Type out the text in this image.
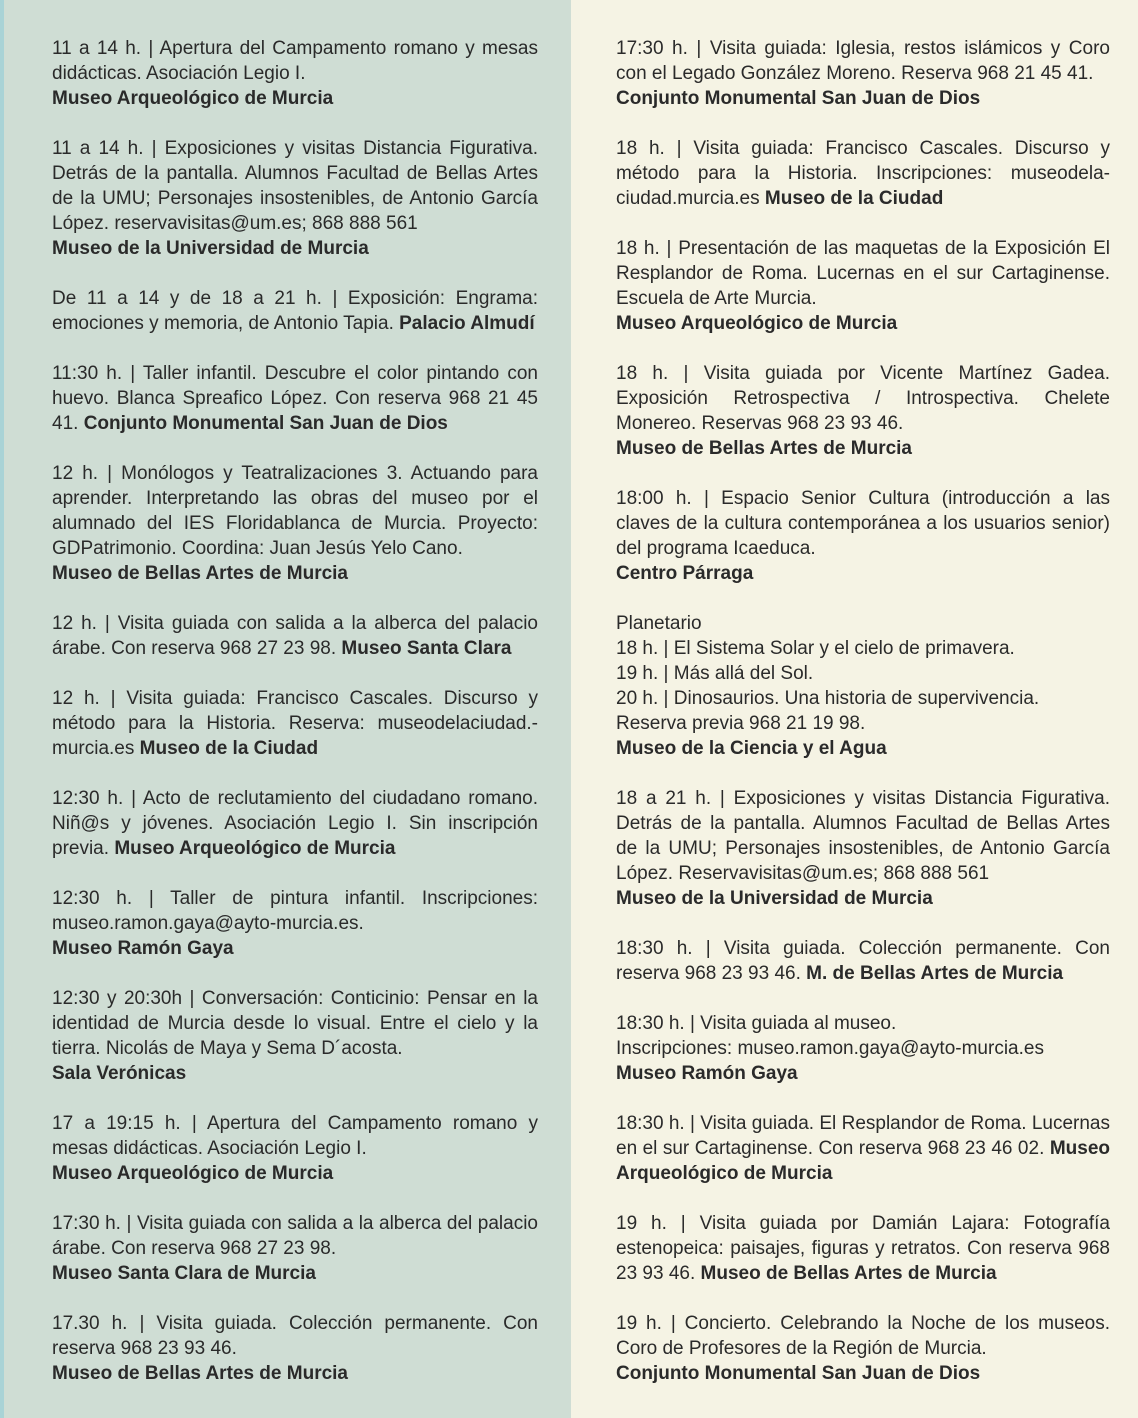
11 a 14 h. | Apertura del Campamento romano y mesas didácticas. Asociación Legio I.
Museo Arqueológico de Murcia
11 a 14 h. | Exposiciones y visitas Distancia Figurativa. Detrás de la pantalla. Alumnos Facultad de Bellas Artes de la UMU; Personajes insostenibles, de Antonio García López. reservavisitas@um.es; 868 888 561
Museo de la Universidad de Murcia
De 11 a 14 y de 18 a 21 h. | Exposición: Engrama: emociones y memoria, de Antonio Tapia. Palacio Almudí
11:30 h. | Taller infantil. Descubre el color pintando con huevo. Blanca Spreafico López. Con reserva 968 21 45 41. Conjunto Monumental San Juan de Dios
12 h. | Monólogos y Teatralizaciones 3. Actuando para aprender. Interpretando las obras del museo por el alumnado del IES Floridablanca de Murcia. Proyecto: GDPatrimonio. Coordina: Juan Jesús Yelo Cano.
Museo de Bellas Artes de Murcia
12 h. | Visita guiada con salida a la alberca del palacio árabe. Con reserva 968 27 23 98. Museo Santa Clara
12 h. | Visita guiada: Francisco Cascales. Discurso y método para la Historia. Reserva: museodelaciudad.-murcia.es Museo de la Ciudad
12:30 h. | Acto de reclutamiento del ciudadano romano. Niñ@s y jóvenes. Asociación Legio I. Sin inscripción previa. Museo Arqueológico de Murcia
12:30 h. | Taller de pintura infantil. Inscripciones: museo.ramon.gaya@ayto-murcia.es.
Museo Ramón Gaya
12:30 y 20:30h | Conversación: Conticinio: Pensar en la identidad de Murcia desde lo visual. Entre el cielo y la tierra. Nicolás de Maya y Sema D´acosta.
Sala Verónicas
17 a 19:15 h. | Apertura del Campamento romano y mesas didácticas. Asociación Legio I.
Museo Arqueológico de Murcia
17:30 h. | Visita guiada con salida a la alberca del palacio árabe. Con reserva 968 27 23 98.
Museo Santa Clara de Murcia
17.30 h. | Visita guiada. Colección permanente. Con reserva 968 23 93 46.
Museo de Bellas Artes de Murcia
17:30 h. | Visita guiada: Iglesia, restos islámicos y Coro con el Legado González Moreno. Reserva 968 21 45 41.
Conjunto Monumental San Juan de Dios
18 h. | Visita guiada: Francisco Cascales. Discurso y método para la Historia. Inscripciones: museodela-ciudad.murcia.es Museo de la Ciudad
18 h. | Presentación de las maquetas de la Exposición El Resplandor de Roma. Lucernas en el sur Cartaginense. Escuela de Arte Murcia.
Museo Arqueológico de Murcia
18 h. | Visita guiada por Vicente Martínez Gadea. Exposición Retrospectiva / Introspectiva. Chelete Monereo. Reservas 968 23 93 46.
Museo de Bellas Artes de Murcia
18:00 h. | Espacio Senior Cultura (introducción a las claves de la cultura contemporánea a los usuarios senior) del programa Icaeduca.
Centro Párraga
Planetario
18 h. | El Sistema Solar y el cielo de primavera.
19 h. | Más allá del Sol.
20 h. | Dinosaurios. Una historia de supervivencia.
Reserva previa 968 21 19 98.
Museo de la Ciencia y el Agua
18 a 21 h. | Exposiciones y visitas Distancia Figurativa. Detrás de la pantalla. Alumnos Facultad de Bellas Artes de la UMU; Personajes insostenibles, de Antonio García López. Reservavisitas@um.es; 868 888 561
Museo de la Universidad de Murcia
18:30 h. | Visita guiada. Colección permanente. Con reserva 968 23 93 46. M. de Bellas Artes de Murcia
18:30 h. | Visita guiada al museo.
Inscripciones: museo.ramon.gaya@ayto-murcia.es
Museo Ramón Gaya
18:30 h. | Visita guiada. El Resplandor de Roma. Lucernas en el sur Cartaginense. Con reserva 968 23 46 02. Museo Arqueológico de Murcia
19 h. | Visita guiada por Damián Lajara: Fotografía estenopeica: paisajes, figuras y retratos. Con reserva 968 23 93 46. Museo de Bellas Artes de Murcia
19 h. | Concierto. Celebrando la Noche de los museos. Coro de Profesores de la Región de Murcia.
Conjunto Monumental San Juan de Dios
